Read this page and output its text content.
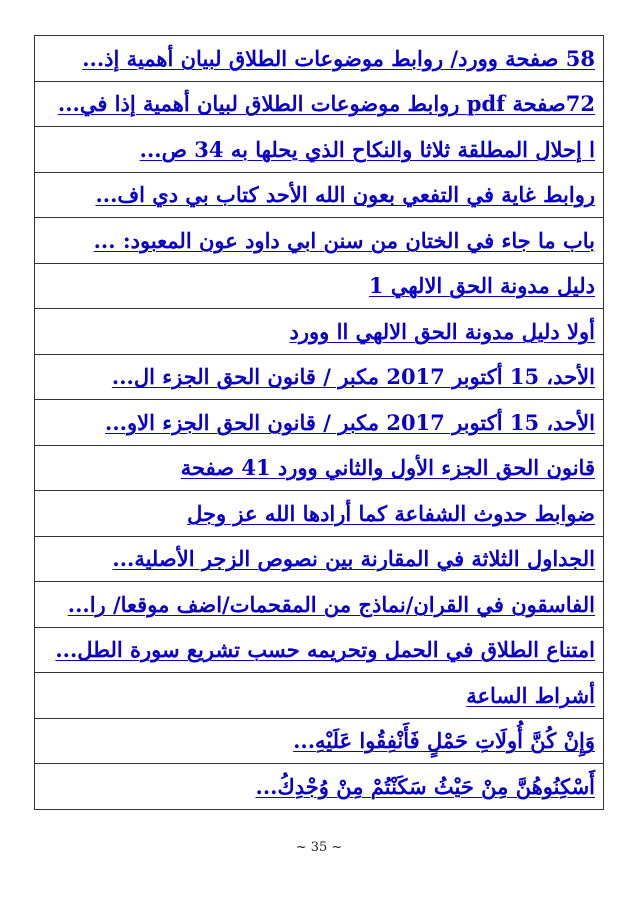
58 صفحة وورد/ روابط موضوعات الطلاق لبيان أهمية إذ...
72صفحة pdf روابط موضوعات الطلاق لبيان أهمية إذا في...
ا إحلال المطلقة ثلاثا والنكاح الذي يحلها به 34 ص...
روابط غاية في التفعي بعون الله الأحد كتاب بي دي اف...
باب ما جاء في الختان من سنن ابي داود عون المعبود: ...
دليل مدونة الحق الالهي 1
أولا دليل مدونة الحق الالهي اا وورد
الأحد، 15 أكتوبر 2017 مكبر / قانون الحق الجزء ال...
الأحد، 15 أكتوبر 2017 مكبر / قانون الحق الجزء الاو...
قانون الحق الجزء الأول والثاني وورد 41 صفحة
ضوابط حدوث الشفاعة كما أرادها الله عز وجل
الجداول الثلاثة في المقارنة بين نصوص الزجر الأصلية...
الفاسقون في القران/نماذج من المقحمات/اضف موقعا/ را...
امتناع الطلاق في الحمل وتحريمه حسب تشريع سورة الطل...
أشراط الساعة
وَإِنْ كُنَّ أُولَاتِ حَمْلٍ فَأَنْفِقُوا عَلَيْهِ...
أَسْكِنُوهُنَّ مِنْ حَيْثُ سَكَنْتُمْ مِنْ وُجْدِكُ...
~ 35 ~
